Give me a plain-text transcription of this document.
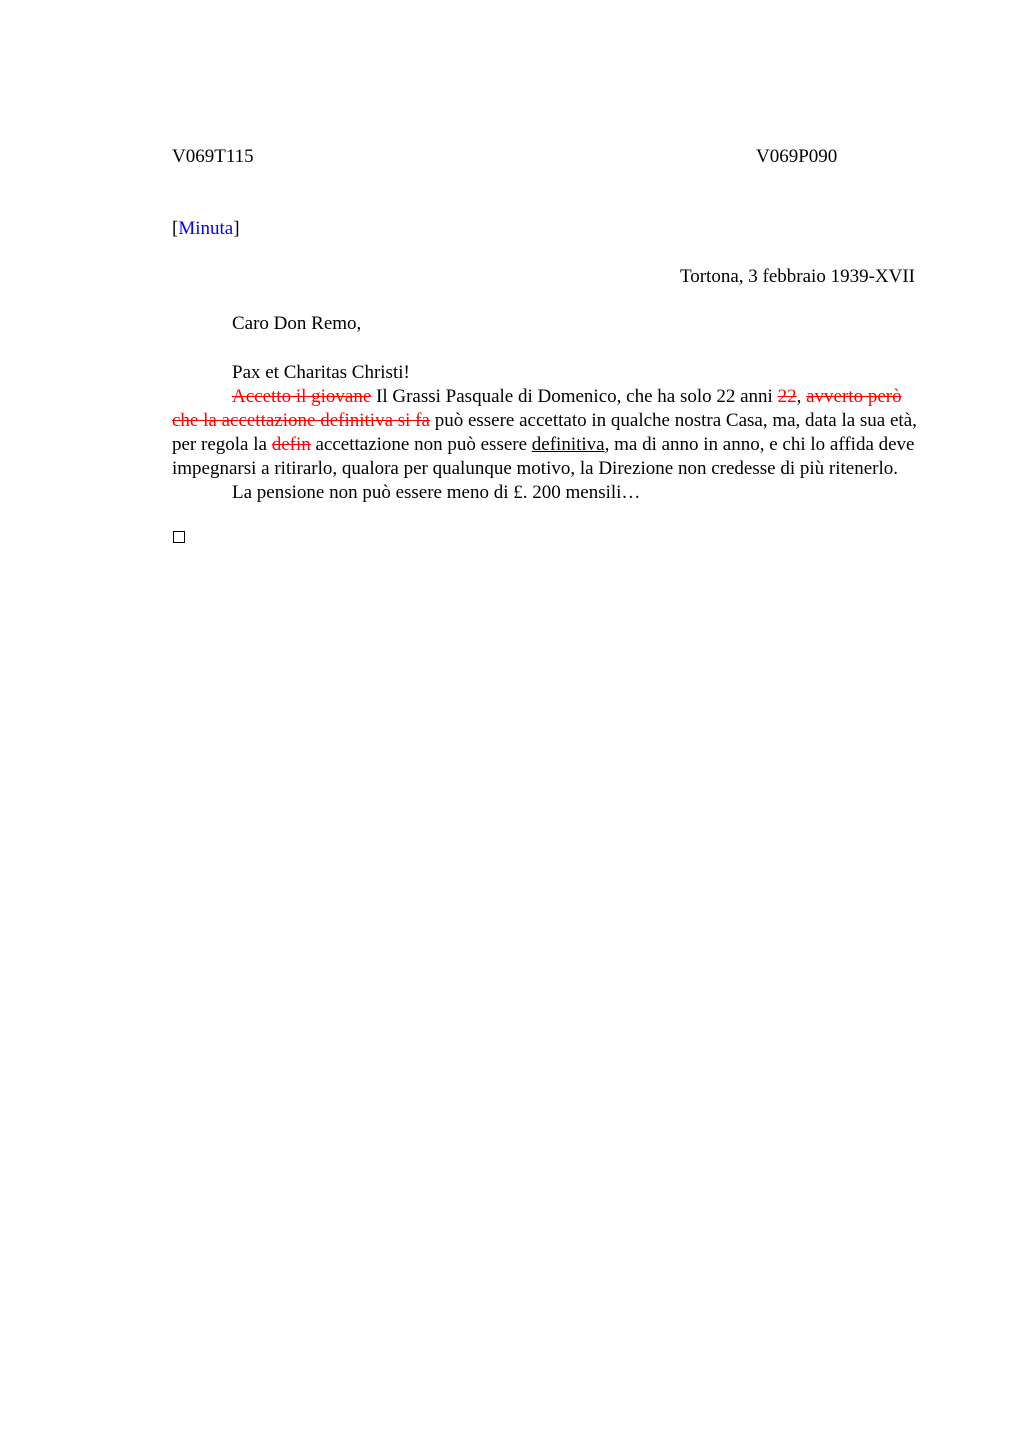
V069T115	V069P090
[Minuta]
Tortona, 3 febbraio 1939-XVII
Caro Don Remo,

Pax et Charitas Christi!

Accetto il giovane Il Grassi Pasquale di Domenico, che ha solo 22 anni 22, avverto però che la accettazione definitiva si fa può essere accettato in qualche nostra Casa, ma, data la sua età, per regola la defin accettazione non può essere definitiva, ma di anno in anno, e chi lo affida deve impegnarsi a ritirarlo, qualora per qualunque motivo, la Direzione non credesse di più ritenerlo.

La pensione non può essere meno di £. 200 mensili…
